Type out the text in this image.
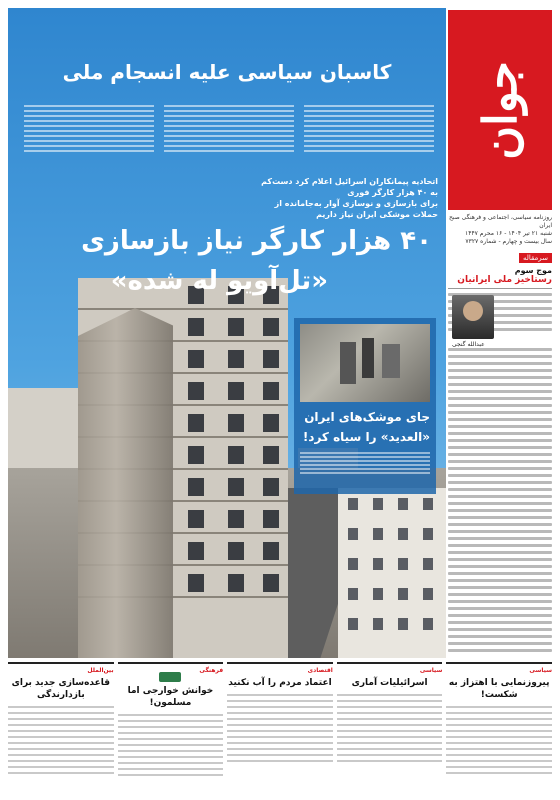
جوان
روزنامه سیاسی، اجتماعی و فرهنگی صبح ایران
شنبه ۲۱ تیر ۱۴۰۴ - ۱۶ محرم ۱۴۴۷
سال بیست و چهارم - شماره ۷۳۲۷
سرمقاله
موج سوم
رستاخیز ملی ایرانیان
عبدالله گنجی
کاسبان سیاسی علیه انسجام ملی
اتحادیه پیمانکاران اسرائیل اعلام کرد دست‌کم به ۴۰ هزار کارگر فوری
برای بازسازی و نوسازی آوار به‌جامانده از حملات موشکی ایران نیاز داریم
۴۰ هزار کارگر نیاز بازسازی
«تل‌آویو له شده»
جای موشک‌های ایران
«العدید» را سیاه کرد!
سیاسی
پیروزنمایی با اهتزاز به شکست!
سیاسی
اسرائیلیات آماری
اقتصادی
اعتماد مردم را آب نکنید
فرهنگی
خوانش خوارجی اما مسلمون!
بین‌الملل
قاعده‌سازی جدید برای بازدارندگی
